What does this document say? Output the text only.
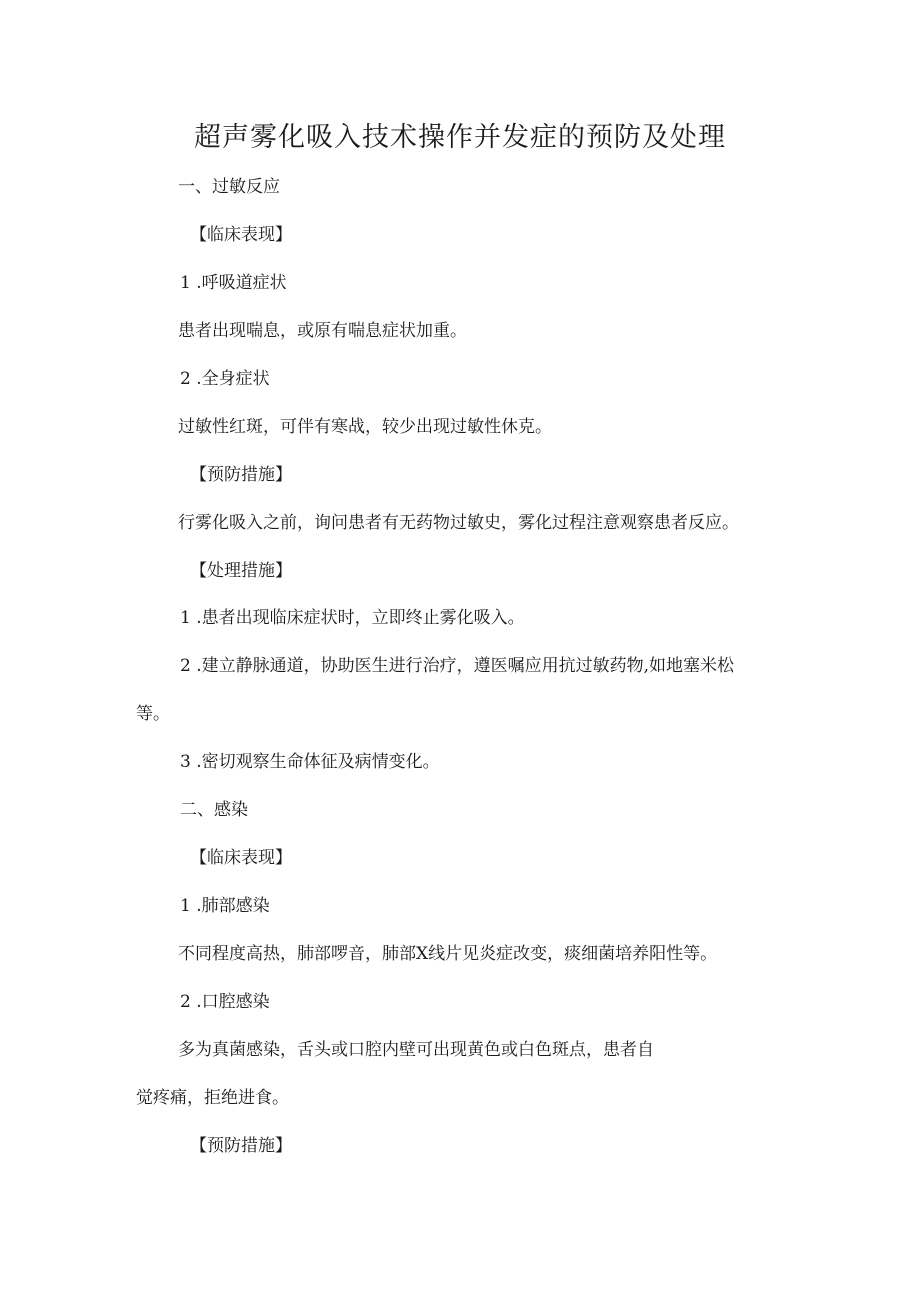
超声雾化吸入技术操作并发症的预防及处理
一、过敏反应
【临床表现】
1 .呼吸道症状
患者出现喘息，或原有喘息症状加重。
2 .全身症状
过敏性红斑，可伴有寒战，较少出现过敏性休克。
【预防措施】
行雾化吸入之前，询问患者有无药物过敏史，雾化过程注意观察患者反应。
【处理措施】
1 .患者出现临床症状时，立即终止雾化吸入。
2 .建立静脉通道，协助医生进行治疗，遵医嘱应用抗过敏药物,如地塞米松
等。
3 .密切观察生命体征及病情变化。
二、感染
【临床表现】
1 .肺部感染
不同程度高热，肺部啰音，肺部X线片见炎症改变，痰细菌培养阳性等。
2 .口腔感染
多为真菌感染，舌头或口腔内壁可出现黄色或白色斑点，患者自
觉疼痛，拒绝进食。
【预防措施】
